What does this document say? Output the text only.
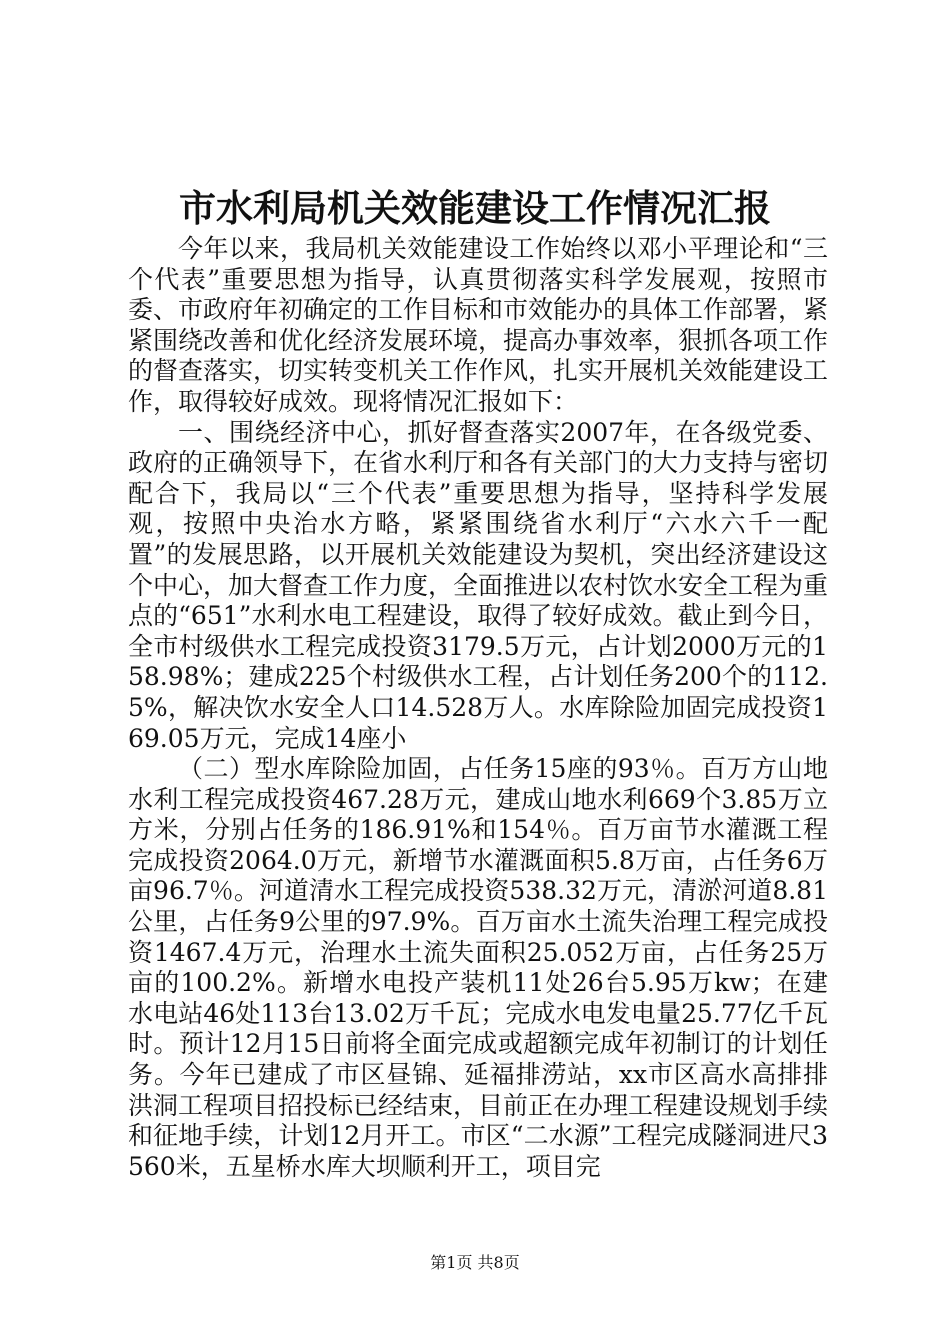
市水利局机关效能建设工作情况汇报

今年以来，我局机关效能建设工作始终以邓小平理论和“三个代表”重要思想为指导，认真贯彻落实科学发展观，按照市委、市政府年初确定的工作目标和市效能办的具体工作部署，紧紧围绕改善和优化经济发展环境，提高办事效率，狠抓各项工作的督查落实，切实转变机关工作作风，扎实开展机关效能建设工作，取得较好成效。现将情况汇报如下：

一、围绕经济中心，抓好督查落实2007年，在各级党委、政府的正确领导下，在省水利厅和各有关部门的大力支持与密切配合下，我局以“三个代表”重要思想为指导，坚持科学发展观，按照中央治水方略，紧紧围绕省水利厅“六水六千一配置”的发展思路，以开展机关效能建设为契机，突出经济建设这个中心，加大督查工作力度，全面推进以农村饮水安全工程为重点的“651”水利水电工程建设，取得了较好成效。截止到今日，全市村级供水工程完成投资3179.5万元，占计划2000万元的158.98%；建成225个村级供水工程，占计划任务200个的112.5%，解决饮水安全人口14.528万人。水库除险加固完成投资169.05万元，完成14座小

（二）型水库除险加固，占任务15座的93％。百万方山地水利工程完成投资467.28万元，建成山地水利669个3.85万立方米，分别占任务的186.91%和154％。百万亩节水灌溉工程完成投资2064.0万元，新增节水灌溉面积5.8万亩，占任务6万亩96.7％。河道清水工程完成投资538.32万元，清淤河道8.81公里，占任务9公里的97.9%。百万亩水土流失治理工程完成投资1467.4万元，治理水土流失面积25.052万亩，占任务25万亩的100.2%。新增水电投产装机11处26台5.95万kw；在建水电站46处113台13.02万千瓦；完成水电发电量25.77亿千瓦时。预计12月15日前将全面完成或超额完成年初制订的计划任务。今年已建成了市区昼锦、延福排涝站，xx市区高水高排排洪洞工程项目招投标已经结束，目前正在办理工程建设规划手续和征地手续，计划12月开工。市区“二水源”工程完成隧洞进尺3560米，五星桥水库大坝顺利开工，项目完

第1页 共8页
